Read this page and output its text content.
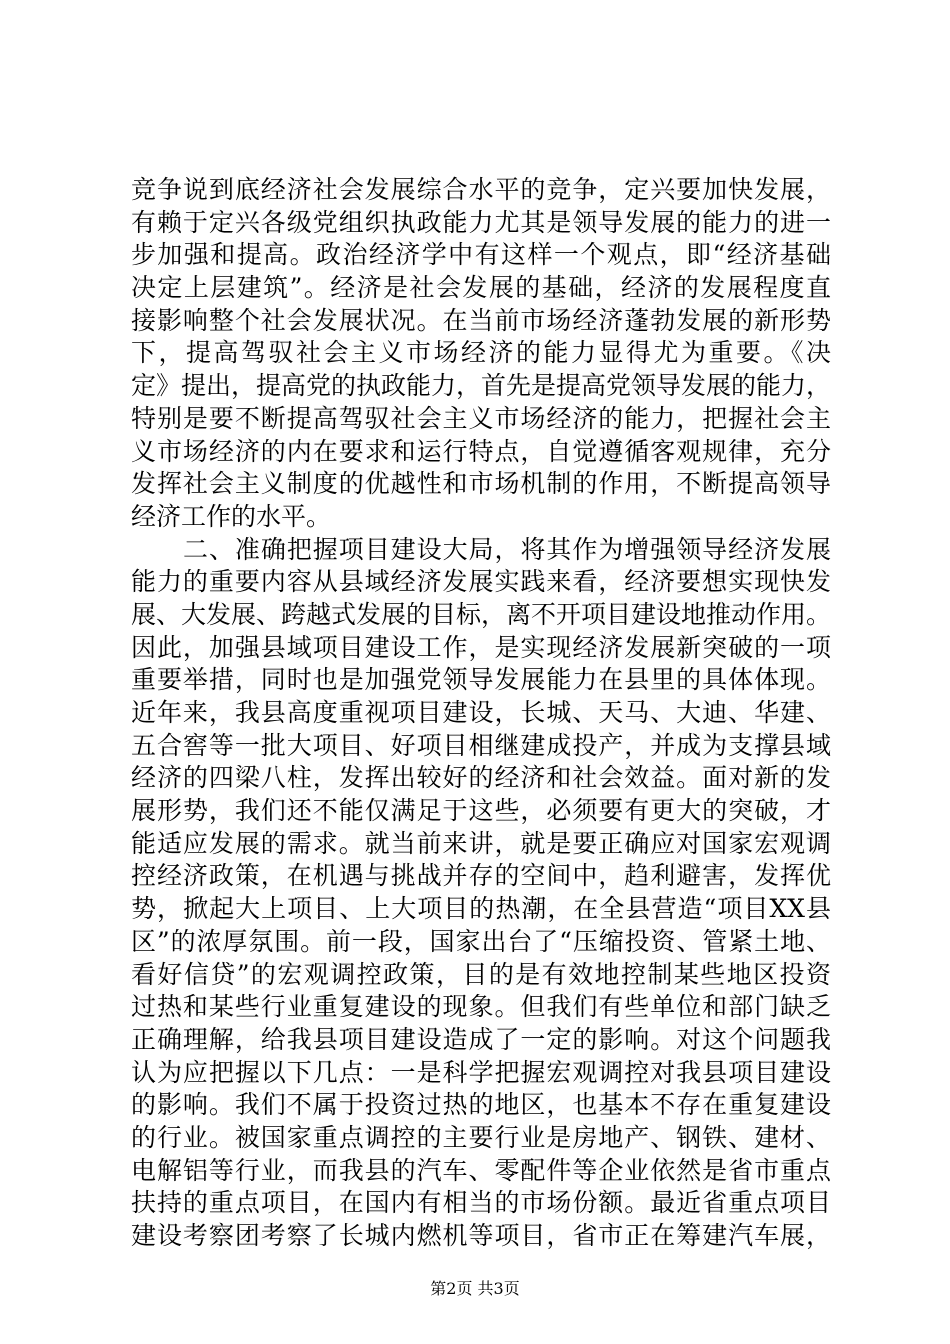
竞争说到底经济社会发展综合水平的竞争，定兴要加快发展，
有赖于定兴各级党组织执政能力尤其是领导发展的能力的进一
步加强和提高。政治经济学中有这样一个观点，即“经济基础
决定上层建筑”。经济是社会发展的基础，经济的发展程度直
接影响整个社会发展状况。在当前市场经济蓬勃发展的新形势
下，提高驾驭社会主义市场经济的能力显得尤为重要。《决
定》提出，提高党的执政能力，首先是提高党领导发展的能力，
特别是要不断提高驾驭社会主义市场经济的能力，把握社会主
义市场经济的内在要求和运行特点，自觉遵循客观规律，充分
发挥社会主义制度的优越性和市场机制的作用，不断提高领导
经济工作的水平。
二、准确把握项目建设大局，将其作为增强领导经济发展
能力的重要内容从县域经济发展实践来看，经济要想实现快发
展、大发展、跨越式发展的目标，离不开项目建设地推动作用。
因此，加强县域项目建设工作，是实现经济发展新突破的一项
重要举措，同时也是加强党领导发展能力在县里的具体体现。
近年来，我县高度重视项目建设，长城、天马、大迪、华建、
五合窖等一批大项目、好项目相继建成投产，并成为支撑县域
经济的四梁八柱，发挥出较好的经济和社会效益。面对新的发
展形势，我们还不能仅满足于这些，必须要有更大的突破，才
能适应发展的需求。就当前来讲，就是要正确应对国家宏观调
控经济政策，在机遇与挑战并存的空间中，趋利避害，发挥优
势，掀起大上项目、上大项目的热潮，在全县营造“项目XX县
区”的浓厚氛围。前一段，国家出台了“压缩投资、管紧土地、
看好信贷”的宏观调控政策，目的是有效地控制某些地区投资
过热和某些行业重复建设的现象。但我们有些单位和部门缺乏
正确理解，给我县项目建设造成了一定的影响。对这个问题我
认为应把握以下几点：一是科学把握宏观调控对我县项目建设
的影响。我们不属于投资过热的地区，也基本不存在重复建设
的行业。被国家重点调控的主要行业是房地产、钢铁、建材、
电解铝等行业，而我县的汽车、零配件等企业依然是省市重点
扶持的重点项目，在国内有相当的市场份额。最近省重点项目
建设考察团考察了长城内燃机等项目，省市正在筹建汽车展，
第2页 共3页
